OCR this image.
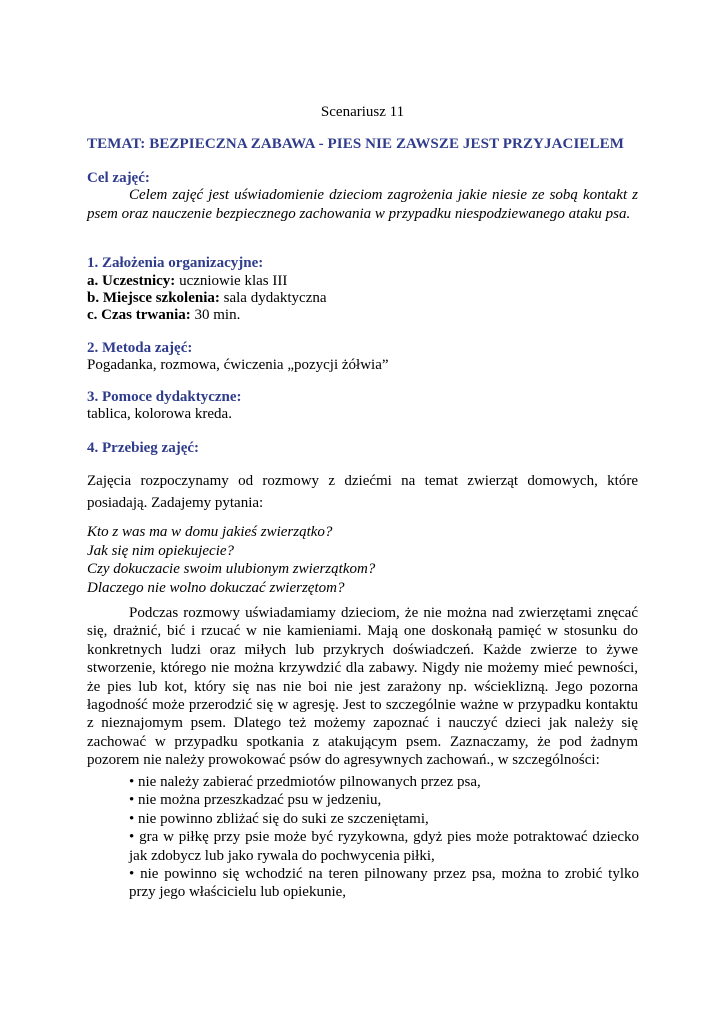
Scenariusz 11
TEMAT: BEZPIECZNA ZABAWA - PIES NIE ZAWSZE JEST PRZYJACIELEM
Cel zajęć:
Celem zajęć jest uświadomienie dzieciom zagrożenia jakie niesie ze sobą kontakt z psem oraz nauczenie bezpiecznego zachowania w przypadku niespodziewanego ataku psa.
1. Założenia organizacyjne:
a. Uczestnicy: uczniowie klas III
b. Miejsce szkolenia: sala dydaktyczna
c. Czas trwania: 30 min.
2. Metoda zajęć:
Pogadanka, rozmowa, ćwiczenia „pozycji żółwia”
3. Pomoce dydaktyczne:
tablica, kolorowa kreda.
4. Przebieg zajęć:
Zajęcia rozpoczynamy od rozmowy z dziećmi na temat zwierząt domowych, które posiadają. Zadajemy pytania:
Kto z was ma w domu jakieś zwierzątko?
Jak się nim opiekujecie?
Czy dokuczacie swoim ulubionym zwierzątkom?
Dlaczego nie wolno dokuczać zwierzętom?
Podczas rozmowy uświadamiamy dzieciom, że nie można nad zwierzętami znęcać się, drażnić, bić i rzucać w nie kamieniami. Mają one doskonałą pamięć w stosunku do konkretnych ludzi oraz miłych lub przykrych doświadczeń. Każde zwierze to żywe stworzenie, którego nie można krzywdzić dla zabawy. Nigdy nie możemy mieć pewności, że pies lub kot, który się nas nie boi nie jest zarażony np. wścieklizną. Jego pozorna łagodność może przerodzić się w agresję. Jest to szczególnie ważne w przypadku kontaktu z nieznajomym psem. Dlatego też możemy zapoznać i nauczyć dzieci jak należy się zachować w przypadku spotkania z atakującym psem. Zaznaczamy, że pod żadnym pozorem nie należy prowokować psów do agresywnych zachowań., w szczególności:
• nie należy zabierać przedmiotów pilnowanych przez psa,
• nie można przeszkadzać psu w jedzeniu,
• nie powinno zbliżać się do suki ze szczeniętami,
• gra w piłkę przy psie może być ryzykowna, gdyż pies może potraktować dziecko jak zdobycz lub jako rywala do pochwycenia piłki,
• nie powinno się wchodzić na teren pilnowany przez psa, można to zrobić tylko przy jego właścicielu lub opiekunie,
